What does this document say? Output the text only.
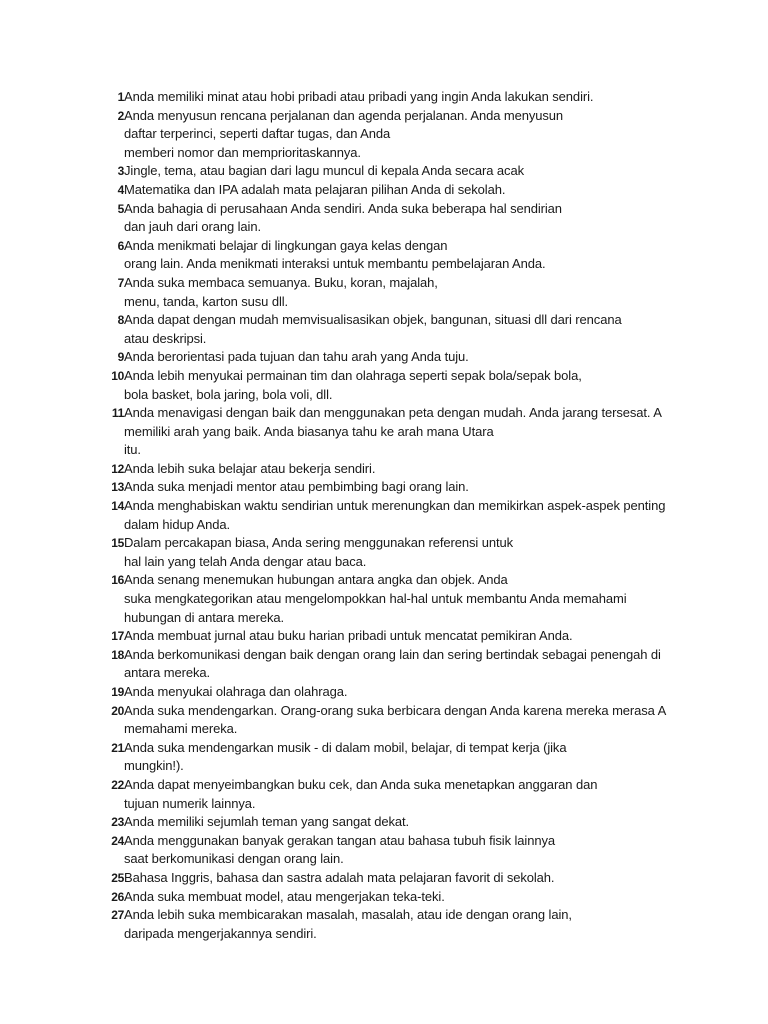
1 Anda memiliki minat atau hobi pribadi atau pribadi yang ingin Anda lakukan sendiri.
2 Anda menyusun rencana perjalanan dan agenda perjalanan. Anda menyusun
daftar terperinci, seperti daftar tugas, dan Anda
memberi nomor dan memprioritaskannya.
3 Jingle, tema, atau bagian dari lagu muncul di kepala Anda secara acak
4 Matematika dan IPA adalah mata pelajaran pilihan Anda di sekolah.
5 Anda bahagia di perusahaan Anda sendiri. Anda suka beberapa hal sendirian
dan jauh dari orang lain.
6 Anda menikmati belajar di lingkungan gaya kelas dengan
orang lain. Anda menikmati interaksi untuk membantu pembelajaran Anda.
7 Anda suka membaca semuanya. Buku, koran, majalah,
menu, tanda, karton susu dll.
8 Anda dapat dengan mudah memvisualisasikan objek, bangunan, situasi dll dari rencana
atau deskripsi.
9 Anda berorientasi pada tujuan dan tahu arah yang Anda tuju.
10 Anda lebih menyukai permainan tim dan olahraga seperti sepak bola/sepak bola,
bola basket, bola jaring, bola voli, dll.
11 Anda menavigasi dengan baik dan menggunakan peta dengan mudah. Anda jarang tersesat. A
memiliki arah yang baik. Anda biasanya tahu ke arah mana Utara
itu.
12 Anda lebih suka belajar atau bekerja sendiri.
13 Anda suka menjadi mentor atau pembimbing bagi orang lain.
14 Anda menghabiskan waktu sendirian untuk merenungkan dan memikirkan aspek-aspek penting
dalam hidup Anda.
15 Dalam percakapan biasa, Anda sering menggunakan referensi untuk
hal lain yang telah Anda dengar atau baca.
16 Anda senang menemukan hubungan antara angka dan objek. Anda
suka mengkategorikan atau mengelompokkan hal-hal untuk membantu Anda memahami
hubungan di antara mereka.
17 Anda membuat jurnal atau buku harian pribadi untuk mencatat pemikiran Anda.
18 Anda berkomunikasi dengan baik dengan orang lain dan sering bertindak sebagai penengah di
antara mereka.
19 Anda menyukai olahraga dan olahraga.
20 Anda suka mendengarkan. Orang-orang suka berbicara dengan Anda karena mereka merasa A
memahami mereka.
21 Anda suka mendengarkan musik - di dalam mobil, belajar, di tempat kerja (jika
mungkin!).
22 Anda dapat menyeimbangkan buku cek, dan Anda suka menetapkan anggaran dan
tujuan numerik lainnya.
23 Anda memiliki sejumlah teman yang sangat dekat.
24 Anda menggunakan banyak gerakan tangan atau bahasa tubuh fisik lainnya
saat berkomunikasi dengan orang lain.
25 Bahasa Inggris, bahasa dan sastra adalah mata pelajaran favorit di sekolah.
26 Anda suka membuat model, atau mengerjakan teka-teki.
27 Anda lebih suka membicarakan masalah, masalah, atau ide dengan orang lain,
daripada mengerjakannya sendiri.
